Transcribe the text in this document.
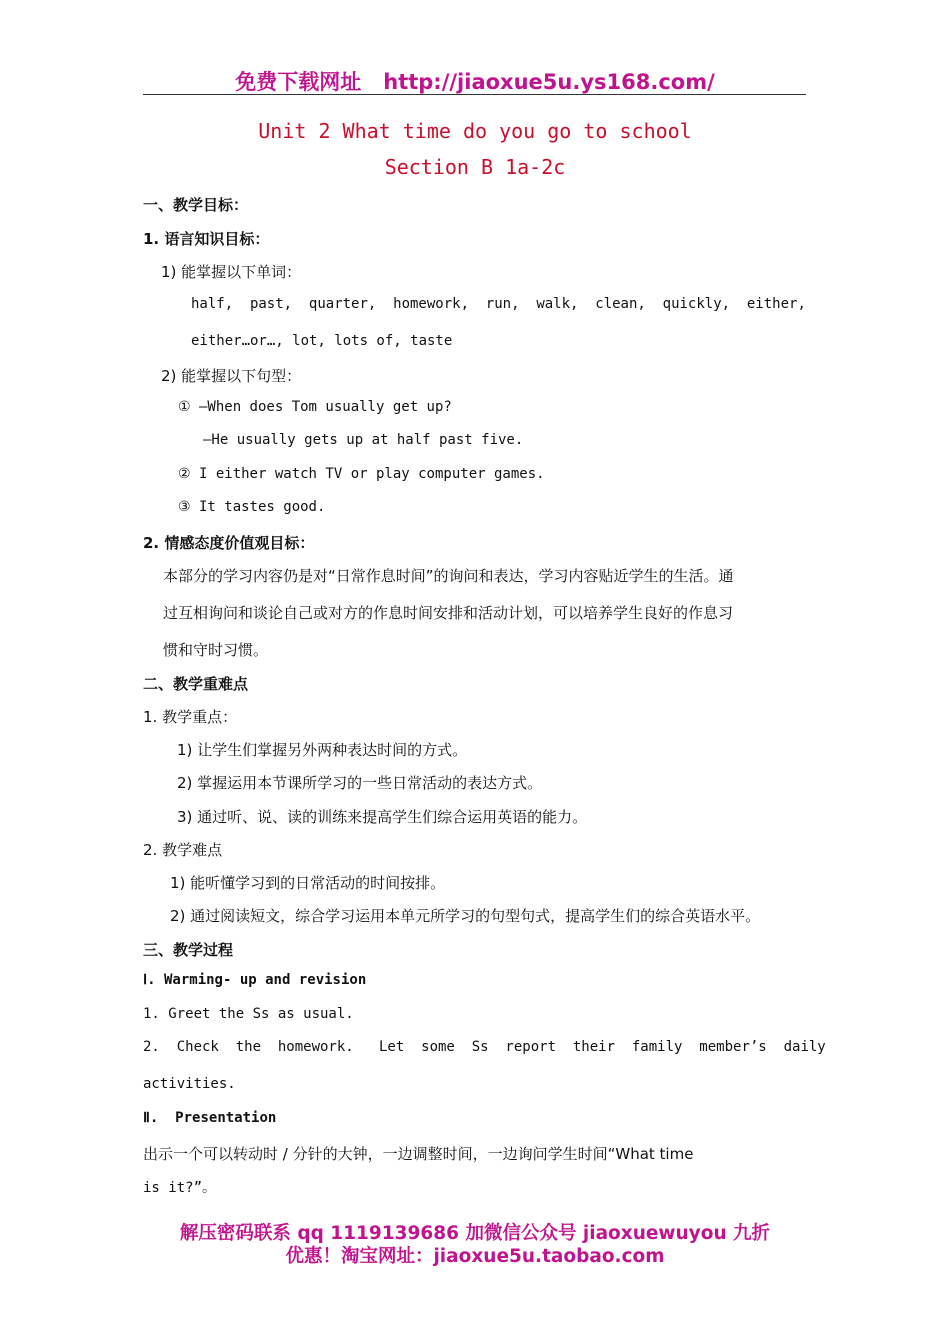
免费下载网址 http://jiaoxue5u.ys168.com/
Unit 2 What time do you go to school
Section B 1a-2c
一、教学目标：
1. 语言知识目标：
1) 能掌握以下单词：
half, past, quarter, homework, run, walk, clean, quickly, either,
either…or…, lot, lots of, taste
2) 能掌握以下句型：
① —When does Tom usually get up?
—He usually gets up at half past five.
② I either watch TV or play computer games.
③ It tastes good.
2. 情感态度价值观目标：
本部分的学习内容仍是对“日常作息时间”的询问和表达，学习内容贴近学生的生活。通
过互相询问和谈论自己或对方的作息时间安排和活动计划，可以培养学生良好的作息习
惯和守时习惯。
二、教学重难点
1. 教学重点：
1) 让学生们掌握另外两种表达时间的方式。
2) 掌握运用本节课所学习的一些日常活动的表达方式。
3) 通过听、说、读的训练来提高学生们综合运用英语的能力。
2. 教学难点
1) 能听懂学习到的日常活动的时间按排。
2) 通过阅读短文，综合学习运用本单元所学习的句型句式，提高学生们的综合英语水平。
三、教学过程
Ⅰ. Warming- up and revision
1. Greet the Ss as usual.
2.  Check  the  homework.   Let  some  Ss  report  their  family  member’s  daily
activities.
Ⅱ.  Presentation
出示一个可以转动时 / 分针的大钟，一边调整时间，一边询问学生时间“What time
is it?”。
解压密码联系 qq 1119139686 加微信公众号 jiaoxuewuyou 九折
优惠！淘宝网址：jiaoxue5u.taobao.com
